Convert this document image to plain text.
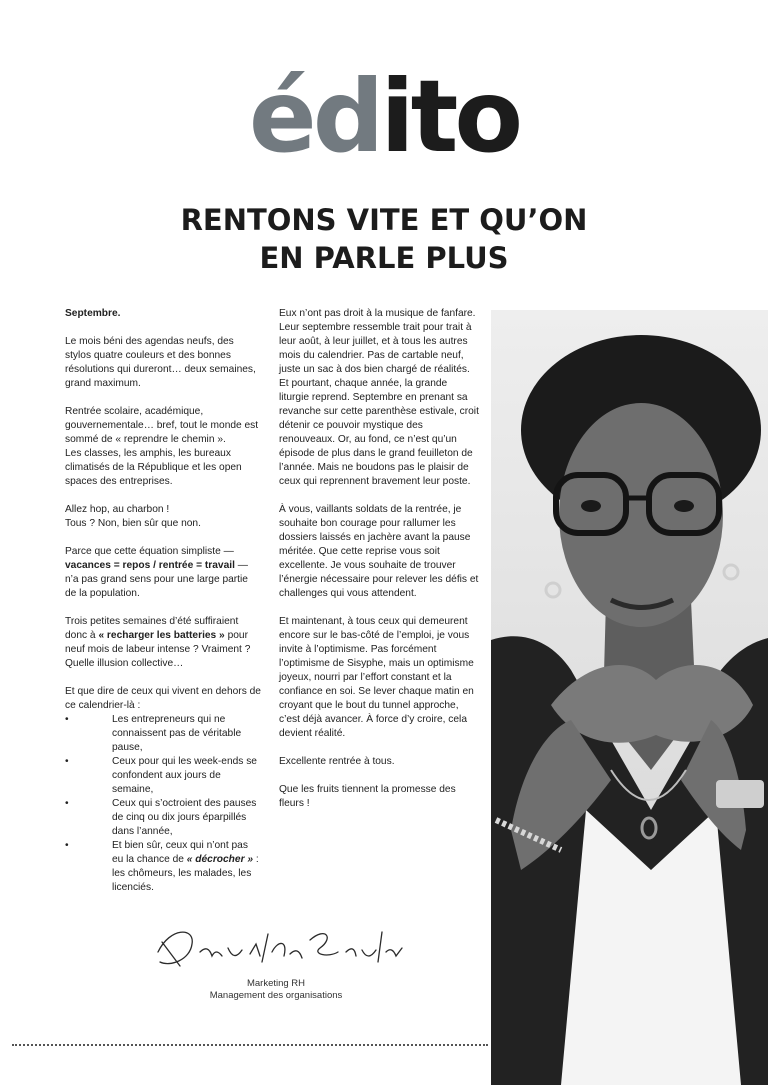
édito
RENTONS VITE ET QU’ON
EN PARLE PLUS

Septembre.

Le mois béni des agendas neufs, des stylos quatre couleurs et des bonnes résolutions qui dureront… deux semaines, grand maximum.

Rentrée scolaire, académique, gouvernementale… bref, tout le monde est sommé de « reprendre le chemin ».
Les classes, les amphis, les bureaux climatisés de la République et les open spaces des entreprises.

Allez hop, au charbon !
Tous ? Non, bien sûr que non.

Parce que cette équation simpliste — vacances = repos / rentrée = travail — n’a pas grand sens pour une large partie de la population.

Trois petites semaines d’été suffiraient donc à « recharger les batteries » pour neuf mois de labeur intense ? Vraiment ? Quelle illusion collective…

Et que dire de ceux qui vivent en dehors de ce calendrier-là :
•	Les entrepreneurs qui ne connaissent pas de véritable pause,
•	Ceux pour qui les week-ends se confondent aux jours de semaine,
•	Ceux qui s’octroient des pauses de cinq ou dix jours éparpillés dans l’année,
•	Et bien sûr, ceux qui n’ont pas eu la chance de « décrocher » : les chômeurs, les malades, les licenciés.

Eux n’ont pas droit à la musique de fanfare. Leur septembre ressemble trait pour trait à leur août, à leur juillet, et à tous les autres mois du calendrier. Pas de cartable neuf, juste un sac à dos bien chargé de réalités. Et pourtant, chaque année, la grande liturgie reprend. Septembre en prenant sa revanche sur cette parenthèse estivale, croit détenir ce pouvoir mystique des renouveaux. Or, au fond, ce n’est qu’un épisode de plus dans le grand feuilleton de l’année. Mais ne boudons pas le plaisir de ceux qui reprennent bravement leur poste.

À vous, vaillants soldats de la rentrée, je souhaite bon courage pour rallumer les dossiers laissés en jachère avant la pause méritée. Que cette reprise vous soit excellente. Je vous souhaite de trouver l’énergie nécessaire pour relever les défis et challenges qui vous attendent.

Et maintenant, à tous ceux qui demeurent encore sur le bas-côté de l’emploi, je vous invite à l’optimisme. Pas forcément l’optimisme de Sisyphe, mais un optimisme joyeux, nourri par l’effort constant et la confiance en soi. Se lever chaque matin en croyant que le bout du tunnel approche, c’est déjà avancer. À force d’y croire, cela devient réalité.

Excellente rentrée à tous.

Que les fruits tiennent la promesse des fleurs !

Marketing RH
Management des organisations
